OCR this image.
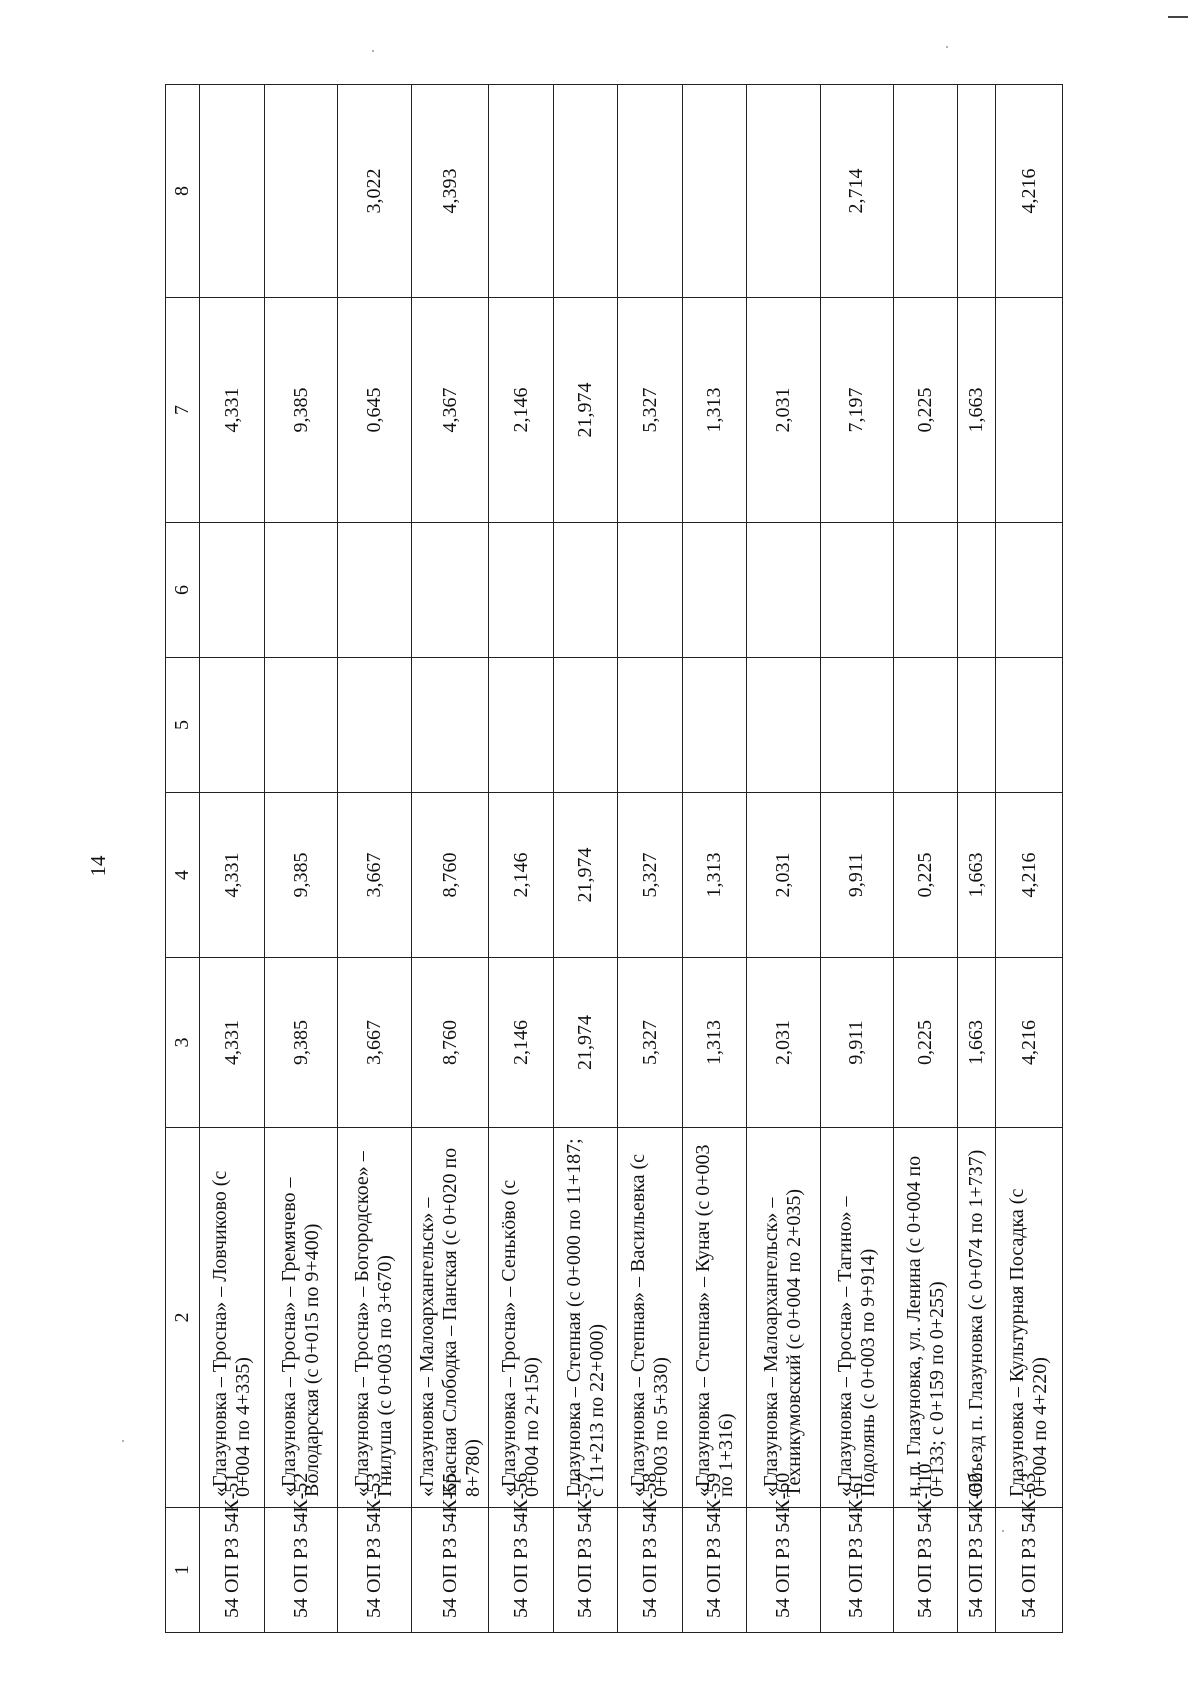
14
1	2	3	4	5	6	7	8
54 ОП РЗ 54К-51	«Глазуновка – Тросна» – Ловчиково (с 0+004 по 4+335)	4,331	4,331			4,331	
54 ОП РЗ 54К-52	«Глазуновка – Тросна» – Гремячево – Володарская (с 0+015 по 9+400)	9,385	9,385			9,385	
54 ОП РЗ 54К-53	«Глазуновка – Тросна» – Богородское» – Гнилуша (с 0+003 по 3+670)	3,667	3,667			0,645	3,022
54 ОП РЗ 54К-55	«Глазуновка – Малоархангельск» – Красная Слободка – Панская (с 0+020 по 8+780)	8,760	8,760			4,367	4,393
54 ОП РЗ 54К-56	«Глазуновка – Тросна» – Сенькöво (с 0+004 по 2+150)	2,146	2,146			2,146	
54 ОП РЗ 54К-57	Глазуновка – Степная (с 0+000 по 11+187; с 11+213 по 22+000)	21,974	21,974			21,974	
54 ОП РЗ 54К-58	«Глазуновка – Степная» – Васильевка (с 0+003 по 5+330)	5,327	5,327			5,327	
54 ОП РЗ 54К-59	«Глазуновка – Степная» – Кунач (с 0+003 по 1+316)	1,313	1,313			1,313	
54 ОП РЗ 54К-60	«Глазуновка – Малоархангельск» – Техникумовский (с 0+004 по 2+035)	2,031	2,031			2,031	
54 ОП РЗ 54К-61	«Глазуновка – Тросна» – Тагино» – Подолянь (с 0+003 по 9+914)	9,911	9,911			7,197	2,714
54 ОП РЗ 54К-110	н. п. Глазуновка, ул. Ленина (с 0+004 по 0+133; с 0+159 по 0+255)	0,225	0,225			0,225	
54 ОП РЗ 54К-62	Объезд п. Глазуновка (с 0+074 по 1+737)	1,663	1,663			1,663	
54 ОП РЗ 54К-63	Глазуновка – Культурная Посадка (с 0+004 по 4+220)	4,216	4,216				4,216
